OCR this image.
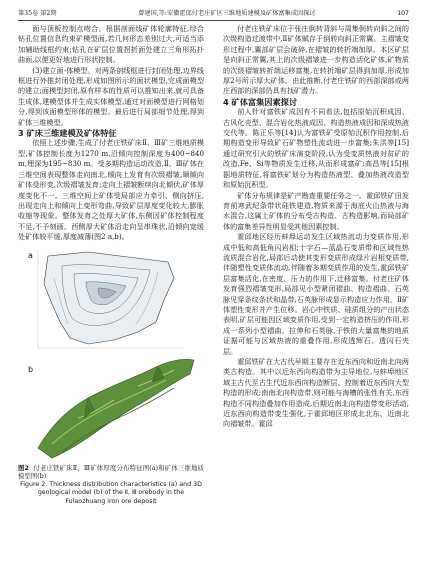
第35卷 第2期	曾建国,等:安徽霍邱付老庄矿区三维地质建模及矿体富集成因探讨	107

面与顶板控制点吻合。根据剖面线矿体轮廓特征,综合钻孔位置信息约束矿模型面,若几何形态差别过大,可适当添加辅助线框约束;钻孔在矿层位置拐折面处建立三角形拓扑曲面,以便更好地进行形状控制。

(3)建立面-体模型。对两条剖线框进行封闭处理,边界线框进行外推封闭处理,形成如图所示的面状模型,完成面模型的建立;面模型封闭,原有样本的性质可以推知出来,就可具备生成体,建模型体并生成实体模型,通过对面模型进行网格划分,得到该面模型形体的模型。最后进行局部细节处理,得到矿体三维模型。

3 矿床三维建模及矿体特征

依照上述步骤,生成了付老庄铁矿床Ⅱ、Ⅲ矿三维地质模型,矿体控制长度为1270 m,沿倾向控制深度为400~840 m,埋深为195~830 m。受多期构造运动改造,Ⅱ、Ⅲ矿体在三维空间表现整体走向南北,倾向上发育有次级褶皱,顺倾向矿体受形变,次级褶皱发育;走向上褶皱断续向北倾伏,矿体厚度变化不一。三维空间上矿体受局部应力牵引、侧向挤压,出现走向上和倾向上变形弯曲,导致矿层厚度变化较大,膨胀收缩等现象。整体发育之处厚大矿体,东侧因矿体控制程度不足,不予刻画。西侧厚大矿体沿走向呈串珠状,沿倾向宽缓处矿体较平缓,厚度减薄(图2 a,b)。

a
b

图2 付老庄铁矿床Ⅱ、Ⅲ矿体厚度分布特征图(a)和矿体三维地质模型图(b)

Figure 2. Thickness distribution characteristics (a) and 3D geological model (b) of the Ⅱ, Ⅲ orebody in the Fulaozhuang iron ore deposit

付老庄铁矿床位于张庄倒转背斜与周集倒转向斜之间的次级构造过渡带中,Ⅱ矿体赋存于倒转向斜正常翼。主褶皱变形过程中,翼部矿层会破碎,在褶皱的转折端加厚。本区矿层是向斜正常翼,其上的次级褶皱进一步构造活化矿体,矿物质的次级褶皱转折端运移富集,在转折端矿层得到加厚,形成加厚2号所示厚大矿体。由此推断,付老庄铁矿的西部深部或两庄西部的深部仍具有找矿潜力。

4 矿体富集因素探讨

前人针对富铁矿成因有不同看法,包括原始沉积成因、古风化壳型、混合岩化热液成因、构造热液成因和深成热液交代等。陈正乐等[14]认为富铁矿受原始沉积作用控制,后期构造变形导致矿石矿物塑性流动进一步富集;朱洪等[15]通过研究引火的铁矿床演变阶段,认为受变质热液对贫矿的改造,Fe、Si等物质发生迁移,从而形成富矿;高昌等[15]根据地质特征,将富铁矿划分为构造热液型、叠加热液改造型和原始沉积型。

矿体分布规律是矿产勘查重要任务之一。霍邱铁矿田发育前寒武纪条带状硅铁建造,物质来源于海底火山热液与海水混合,这属上矿体的分布受古构造、古构造影响,而局部矿体的富集差异性明显受其他因素控制。

霍邱地区经历蚌埠运动发生区域热流动力变质作用,形成中低和高低角闪岩相;十字石—蓝晶石变质带和区域性热流质混合岩化,局部后动使其变形变质形成绿片岩相变质带,伴随塑性变质体流动,伴随着多期变质作用的发生,霍邱铁矿层富集活化,在密度、压力的作用下,迁移富集。付老庄矿体发育强烈褶皱变形,局部见小型紧闭褶曲、构造褶曲、石英脉见穿条纹条状和晶带,石英脉形成显示构造应力作用。Ⅱ矿体塑性变形并产生位移。岩心中铁质、硅质组分的产出状态表明,矿层可能因区域变质作用,受到一定构造挤压的作用,形成一系列小型褶曲、拉伸和石英脉,于铁的大量富集的地质证据可能与区域热液的重叠作用,形成透辉石、透闪石夹层。

霍邱铁矿在大古代早期主要存在近东西向和近南北向两类古构造。其中以近东西向构造带为主导地位,与蚌埠地区域主古代至古生代近东西向构造断层、控制着近东西向大型构造的形成;南南北向构造带,则可能与海槽的张性有关,东西构造不同构造叠加作用造成,后期近南北向构造带变形活动,近东西向构造带变生强化,于霍邱地区形成北北东、近南北向褶皱带。霍邱
